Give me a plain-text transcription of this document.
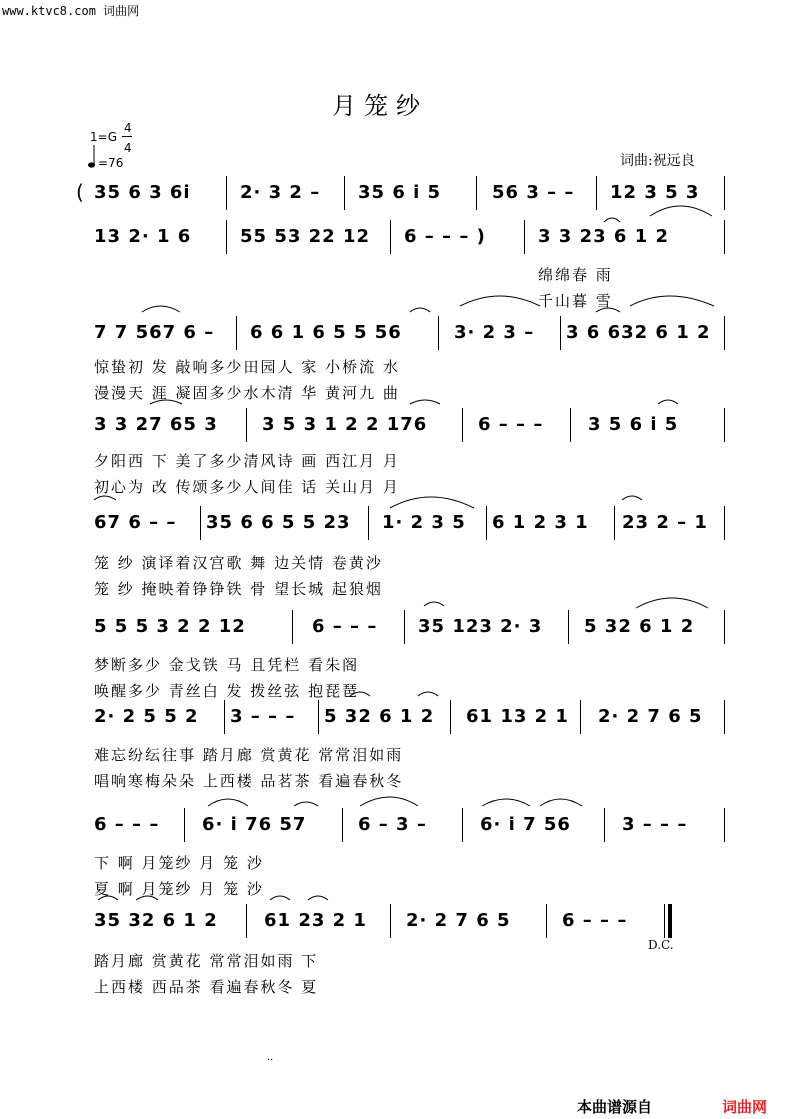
www.ktvc8.com 词曲网
月笼纱
1=G
4
4
=76	词曲:祝远良
( 35 6 3 6i	2· 3 2 – 35 6 i 5	56 3 – – 12 3 5 3
13 2· 1 6	55 53 22 12 6 – – – )	3 3 23 6 1 2
绵绵春 雨
千山暮 雪
7 7 567 6 – 6 6 1 6 5 5 56	3· 2 3 – 3 6 632 6 1 2
惊蛰初 发 敲响多少田园人 家 小桥流 水
漫漫天 涯 凝固多少水木清 华 黄河九 曲
3 3 27 65 3 3 5 3 1 2 2 176	6 – – – 3 5 6 i 5
夕阳西 下 美了多少清风诗 画 西江月 月
初心为 改 传颂多少人间佳 话 关山月 月
67 6 – – 35 6 6 5 5 23 1· 2 3 5 6 1 2 3 1 23 2 – 1
笼 纱 演译着汉宫歌 舞 边关情 卷黄沙
笼 纱 掩映着铮铮铁 骨 望长城 起狼烟
5 5 5 3 2 2 12	6 – – – 35 123 2· 3 5 32 6 1 2
梦断多少 金戈铁 马 且凭栏 看朱阁
唤醒多少 青丝白 发 拨丝弦 抱琵琶
2· 2 5 5 2 3 – – – 5 32 6 1 2 61 13 2 1 2· 2 7 6 5
难忘纷纭往事 踏月廊 赏黄花 常常泪如雨
唱响寒梅朵朵 上西楼 品茗茶 看遍春秋冬
6 – – – 6· i 76 57	6 – 3 –	6· i 7 56	3 – – –
下 啊 月笼纱 月 笼 沙
夏 啊 月笼纱 月 笼 沙
35 32 6 1 2	61 23 2 1 2· 2 7 6 5	6 – – –
D.C.
踏月廊 赏黄花 常常泪如雨 下
上西楼 西品茶 看遍春秋冬 夏
..
本曲谱源自	词曲网
